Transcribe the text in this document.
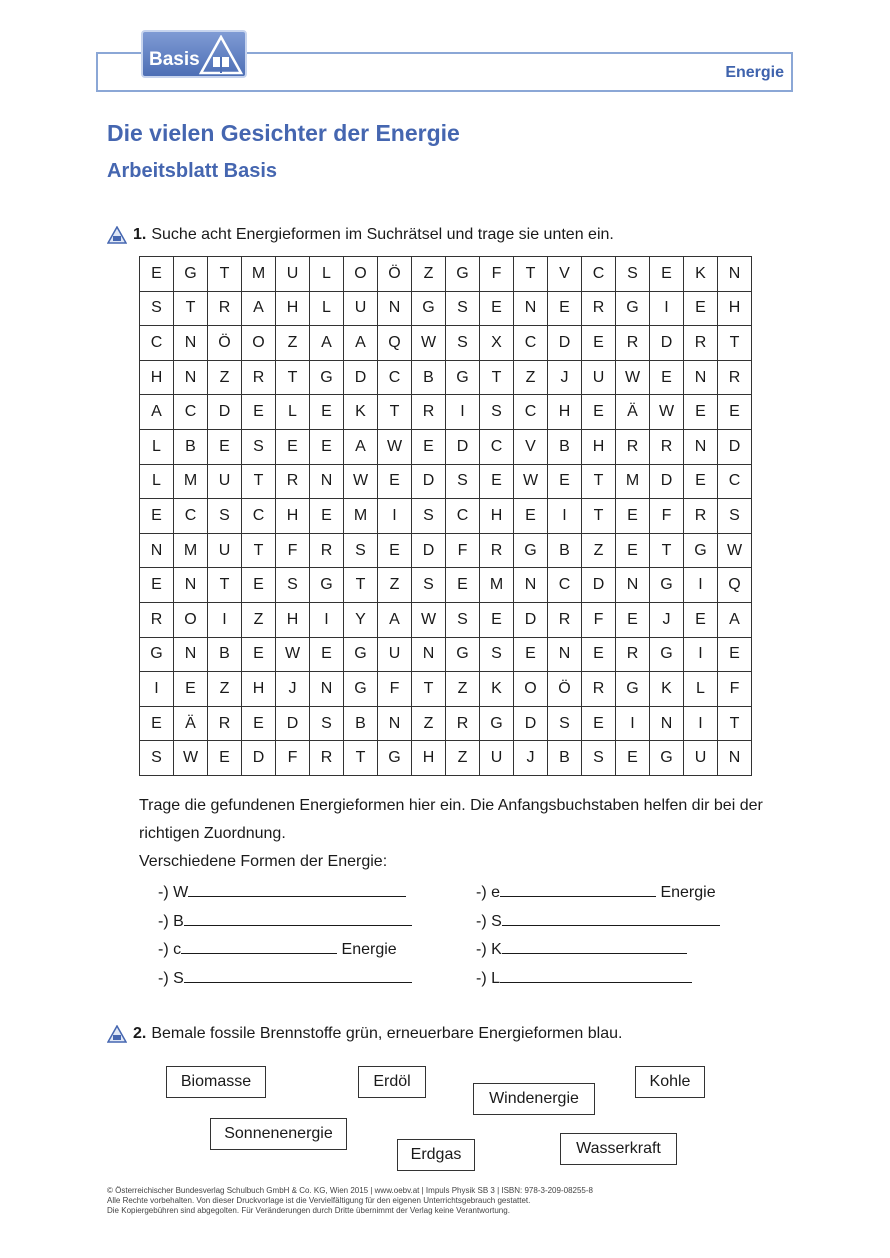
Basis
Energie
Die vielen Gesichter der Energie
Arbeitsblatt Basis
1. Suche acht Energieformen im Suchrätsel und trage sie unten ein.
E	G	T	M	U	L	O	Ö	Z	G	F	T	V	C	S	E	K	N
S	T	R	A	H	L	U	N	G	S	E	N	E	R	G	I	E	H
C	N	Ö	O	Z	A	A	Q	W	S	X	C	D	E	R	D	R	T
H	N	Z	R	T	G	D	C	B	G	T	Z	J	U	W	E	N	R
A	C	D	E	L	E	K	T	R	I	S	C	H	E	Ä	W	E	E
L	B	E	S	E	E	A	W	E	D	C	V	B	H	R	R	N	D
L	M	U	T	R	N	W	E	D	S	E	W	E	T	M	D	E	C
E	C	S	C	H	E	M	I	S	C	H	E	I	T	E	F	R	S
N	M	U	T	F	R	S	E	D	F	R	G	B	Z	E	T	G	W
E	N	T	E	S	G	T	Z	S	E	M	N	C	D	N	G	I	Q
R	O	I	Z	H	I	Y	A	W	S	E	D	R	F	E	J	E	A
G	N	B	E	W	E	G	U	N	G	S	E	N	E	R	G	I	E
I	E	Z	H	J	N	G	F	T	Z	K	O	Ö	R	G	K	L	F
E	Ä	R	E	D	S	B	N	Z	R	G	D	S	E	I	N	I	T
S	W	E	D	F	R	T	G	H	Z	U	J	B	S	E	G	U	N
Trage die gefundenen Energieformen hier ein. Die Anfangsbuchstaben helfen dir bei der
richtigen Zuordnung.
Verschiedene Formen der Energie:
-) W
-) B
-) c	Energie
-) S
-) e	Energie
-) S
-) K
-) L
2. Bemale fossile Brennstoffe grün, erneuerbare Energieformen blau.
Biomasse	Erdöl
Windenergie
Kohle
Sonnenenergie
Erdgas	Wasserkraft
© Österreichischer Bundesverlag Schulbuch GmbH & Co. KG, Wien 2015 | www.oebv.at | Impuls Physik SB 3 | ISBN: 978-3-209-08255-8
Alle Rechte vorbehalten. Von dieser Druckvorlage ist die Vervielfältigung für den eigenen Unterrichtsgebrauch gestattet.
Die Kopiergebühren sind abgegolten. Für Veränderungen durch Dritte übernimmt der Verlag keine Verantwortung.
